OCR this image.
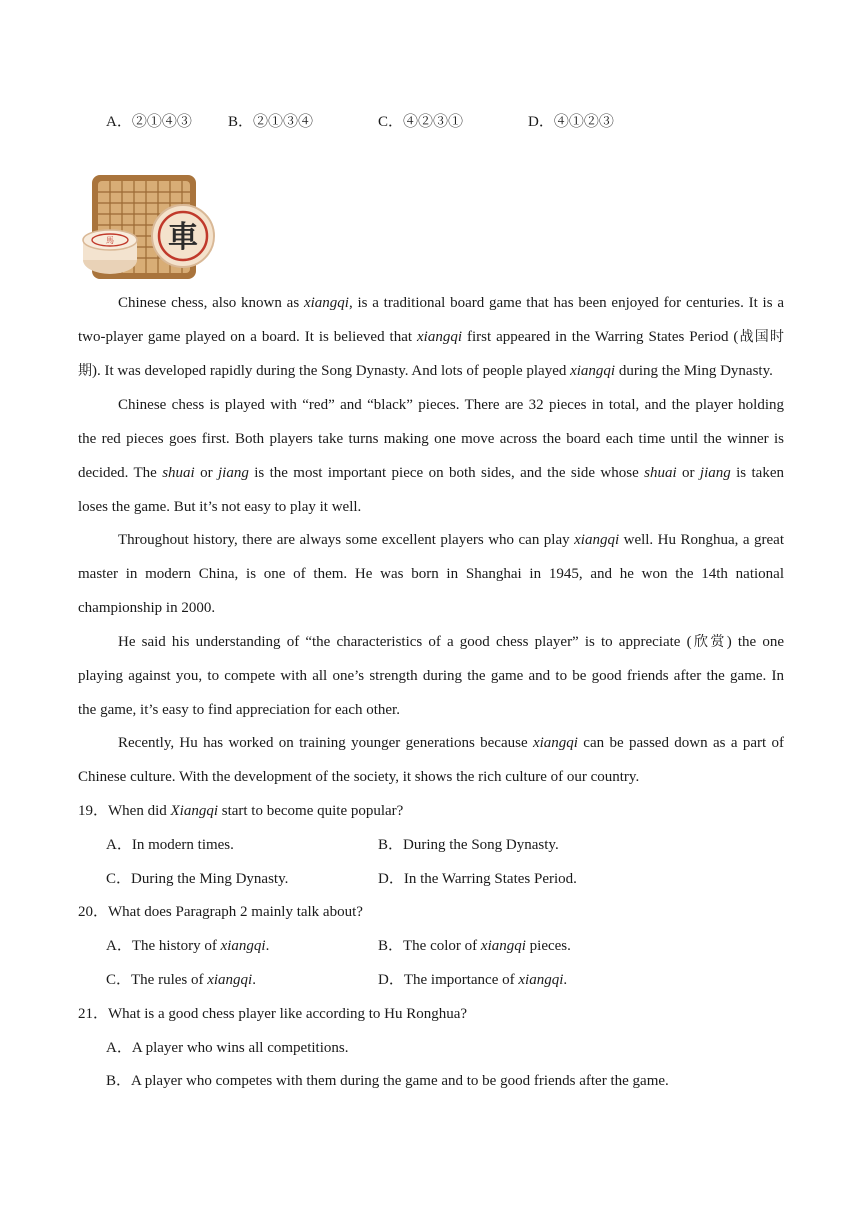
A．②①④③ B．②①③④	C．④②③①	D．④①②③
馬 車
Chinese chess, also known as xiangqi, is a traditional board game that has been enjoyed for centuries. It is a
two-player game played on a board. It is believed that xiangqi first appeared in the Warring States Period (战国时
期). It was developed rapidly during the Song Dynasty. And lots of people played xiangqi during the Ming Dynasty.
Chinese chess is played with “red” and “black” pieces. There are 32 pieces in total, and the player holding
the red pieces goes first. Both players take turns making one move across the board each time until the winner is
decided. The shuai or jiang is the most important piece on both sides, and the side whose shuai or jiang is taken
loses the game. But it’s not easy to play it well.
Throughout history, there are always some excellent players who can play xiangqi well. Hu Ronghua, a great
master in modern China, is one of them. He was born in Shanghai in 1945, and he won the 14th national
championship in 2000.
He said his understanding of “the characteristics of a good chess player” is to appreciate (欣赏) the one
playing against you, to compete with all one’s strength during the game and to be good friends after the game. In
the game, it’s easy to find appreciation for each other.
Recently, Hu has worked on training younger generations because xiangqi can be passed down as a part of
Chinese culture. With the development of the society, it shows the rich culture of our country.
19．When did Xiangqi start to become quite popular?
A．In modern times.	B．During the Song Dynasty.
C．During the Ming Dynasty.	D．In the Warring States Period.
20．What does Paragraph 2 mainly talk about?
A．The history of xiangqi.	B．The color of xiangqi pieces.
C．The rules of xiangqi.	D．The importance of xiangqi.
21．What is a good chess player like according to Hu Ronghua?
A．A player who wins all competitions.
B．A player who competes with them during the game and to be good friends after the game.
